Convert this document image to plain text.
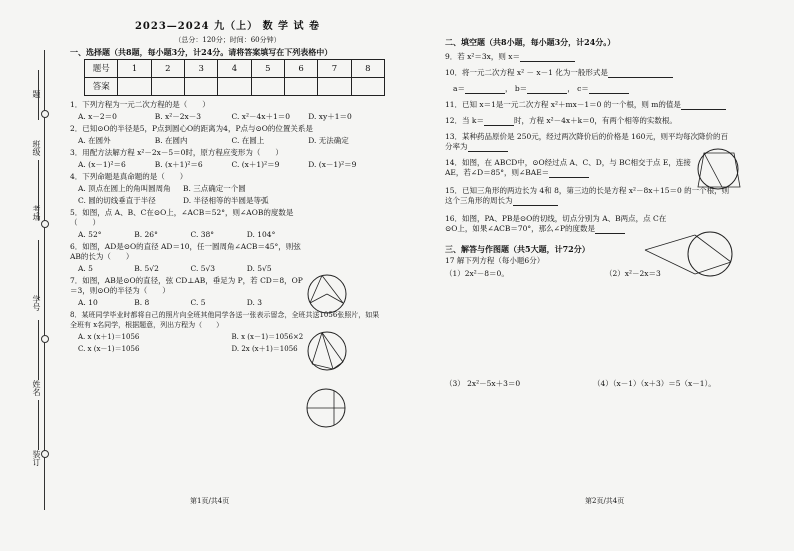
题
班级
考场
学号
姓名
装订
2023—2024 九（上） 数 学 试 卷
（总分：120分；时间：60分钟）
一、选择题（共8题，每小题3分，计24分。请将答案填写在下列表格中）
题号	1	2	3	4	5	6	7	8
答案								
1．下列方程为一元二次方程的是（　　）
A. x－2＝0	B. x²－2x－3	C. x²－4x＋1＝0	D. xy＋1＝0
2．已知⊙O的半径是5，P点到圆心O的距离为4，P点与⊙O的位置关系是
A. 在圆外	B. 在圆内	C. 在圆上	D. 无法确定
3．用配方法解方程 x²－2x－5＝0时，原方程应变形为（　　）
A. (x－1)²＝6	B. (x＋1)²＝6	C. (x＋1)²＝9	D. (x－1)²＝9
4．下列命题是真命题的是（　　）
A. 顶点在圆上的角叫圆周角	B. 三点确定一个圆
C. 圆的切线垂直于半径	D. 半径相等的半圆是等弧
5．如图，点 A、B、C在⊙O上，∠ACB＝52°，则∠AOB的度数是（　　）
A. 52°	B. 26°	C. 38°	D. 104°
6．如图，AD是⊙O的直径 AD＝10，任一圆周角∠ACB＝45°，则弦 AB的长为（　　）
A. 5	B. 5√2	C. 5√3	D. 5√5
7．如图，AB是⊙O的直径，弦 CD⊥AB，垂足为 P，若 CD＝8，OP＝3，则⊙O的半径为（　　）
A. 10	B. 8	C. 5	D. 3
8．某班同学毕业时都将自己的照片向全班其他同学各送一张表示留念，全班共送1056张照片，如果全班有 x名同学，根据题意，列出方程为（　　）
A. x (x＋1)＝1056	B. x (x－1)＝1056×2
C. x (x－1)＝1056	D. 2x (x＋1)＝1056
第1页/共4页
二、填空题（共8小题，每小题3分，计24分。）
9．若 x²＝3x，则 x＝
10．将一元二次方程 x² － x－1 化为一般形式是
a＝	， b＝	， c＝
11．已知 x＝1是一元二次方程 x²＋mx－1＝0 的一个根，则 m的值是
12．当 k＝	时，方程 x²－4x＋k＝0，有两个相等的实数根。
13．某种药品原价是 250元，经过两次降价后的价格是 160元，则平均每次降价的百分率为
14．如图，在 ABCD中，⊙O经过点 A、C、D，与 BC相交于点 E，连接 AE，若∠D＝85°，则∠BAE＝
15．已知三角形的两边长为 4和 8，第三边的长是方程 x²－8x＋15＝0 的一个根，则这个三角形的周长为
16．如图，PA、PB是⊙O的切线，切点分别为 A、B两点，点 C在⊙O上，如果∠ACB＝70°，那么∠P的度数是
三、解答与作图题（共5大题，计72分）
17 解下列方程（每小题6分）
（1）2x²－8＝0。	（2）x²－2x＝3
（3） 2x²－5x＋3＝0	（4）（x－1）（x＋3）＝5（x－1）。
第2页/共4页
